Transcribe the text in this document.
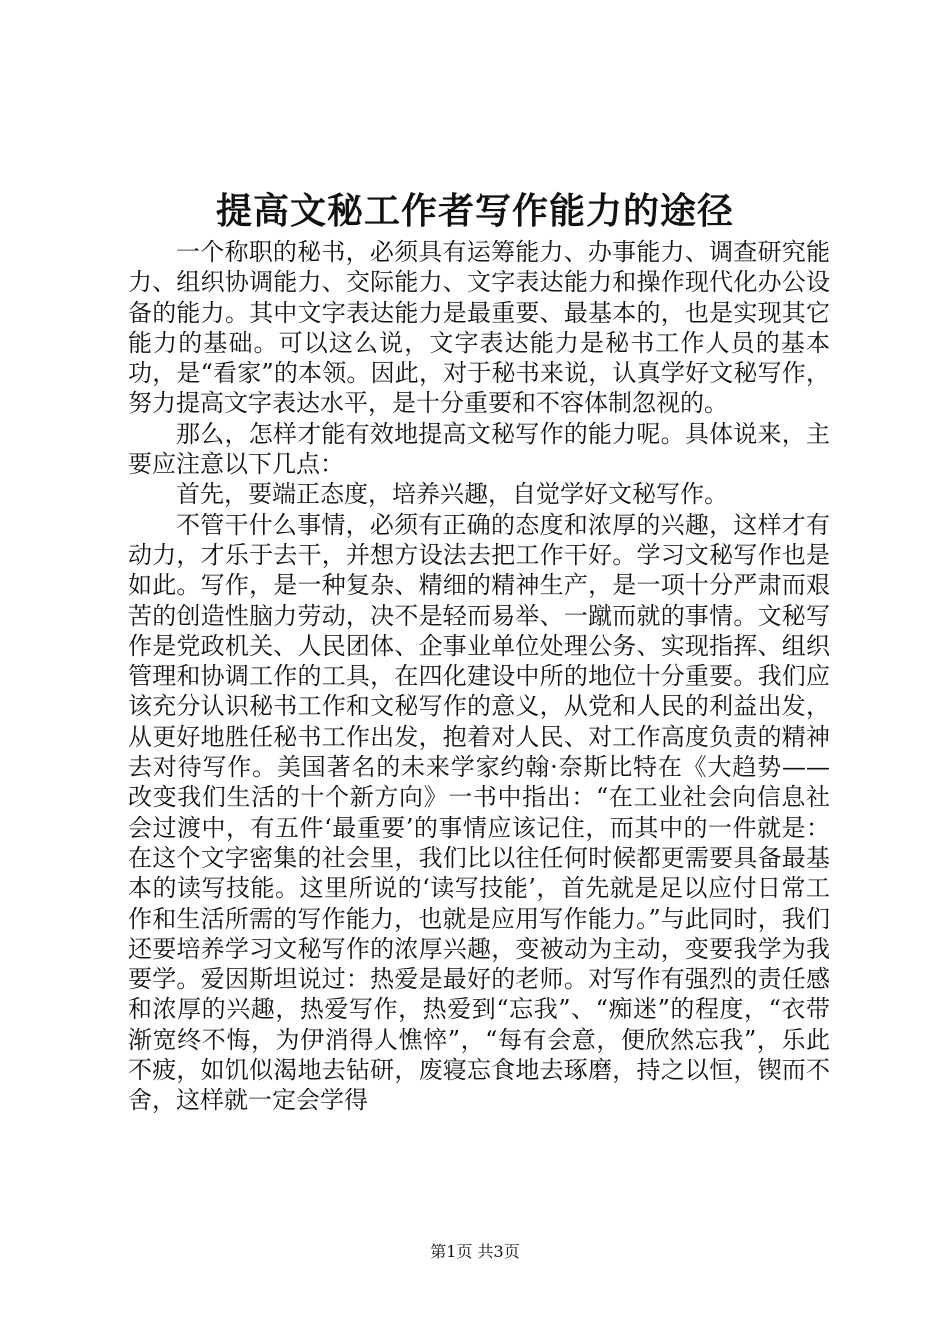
提高文秘工作者写作能力的途径

一个称职的秘书，必须具有运筹能力、办事能力、调查研究能力、组织协调能力、交际能力、文字表达能力和操作现代化办公设备的能力。其中文字表达能力是最重要、最基本的，也是实现其它能力的基础。可以这么说，文字表达能力是秘书工作人员的基本功，是“看家”的本领。因此，对于秘书来说，认真学好文秘写作，努力提高文字表达水平，是十分重要和不容体制忽视的。

那么，怎样才能有效地提高文秘写作的能力呢。具体说来，主要应注意以下几点：

首先，要端正态度，培养兴趣，自觉学好文秘写作。

不管干什么事情，必须有正确的态度和浓厚的兴趣，这样才有动力，才乐于去干，并想方设法去把工作干好。学习文秘写作也是如此。写作，是一种复杂、精细的精神生产，是一项十分严肃而艰苦的创造性脑力劳动，决不是轻而易举、一蹴而就的事情。文秘写作是党政机关、人民团体、企事业单位处理公务、实现指挥、组织管理和协调工作的工具，在四化建设中所的地位十分重要。我们应该充分认识秘书工作和文秘写作的意义，从党和人民的利益出发，从更好地胜任秘书工作出发，抱着对人民、对工作高度负责的精神去对待写作。美国著名的未来学家约翰·奈斯比特在《大趋势——改变我们生活的十个新方向》一书中指出：“在工业社会向信息社会过渡中，有五件‘最重要’的事情应该记住，而其中的一件就是：在这个文字密集的社会里，我们比以往任何时候都更需要具备最基本的读写技能。这里所说的‘读写技能’，首先就是足以应付日常工作和生活所需的写作能力，也就是应用写作能力。”与此同时，我们还要培养学习文秘写作的浓厚兴趣，变被动为主动，变要我学为我要学。爱因斯坦说过：热爱是最好的老师。对写作有强烈的责任感和浓厚的兴趣，热爱写作，热爱到“忘我”、“痴迷”的程度，“衣带渐宽终不悔，为伊消得人憔悴”，“每有会意，便欣然忘我”，乐此不疲，如饥似渴地去钻研，废寝忘食地去琢磨，持之以恒，锲而不舍，这样就一定会学得

第1页 共3页
